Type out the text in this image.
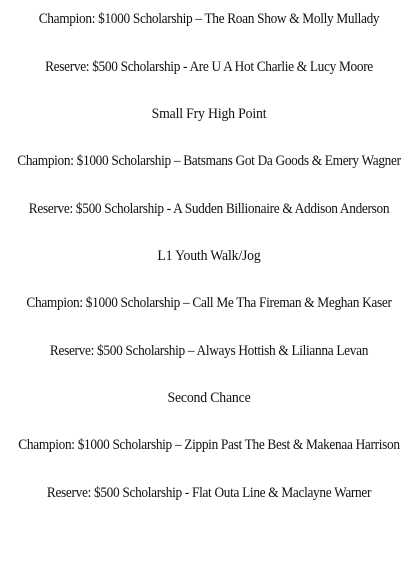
Champion: $1000 Scholarship – The Roan Show & Molly Mullady
Reserve: $500 Scholarship - Are U A Hot Charlie & Lucy Moore
Small Fry High Point
Champion: $1000 Scholarship – Batsmans Got Da Goods & Emery Wagner
Reserve: $500 Scholarship - A Sudden Billionaire & Addison Anderson
L1 Youth Walk/Jog
Champion: $1000 Scholarship – Call Me Tha Fireman & Meghan Kaser
Reserve: $500 Scholarship – Always Hottish & Lilianna Levan
Second Chance
Champion: $1000 Scholarship – Zippin Past The Best & Makenaa Harrison
Reserve: $500 Scholarship - Flat Outa Line & Maclayne Warner
